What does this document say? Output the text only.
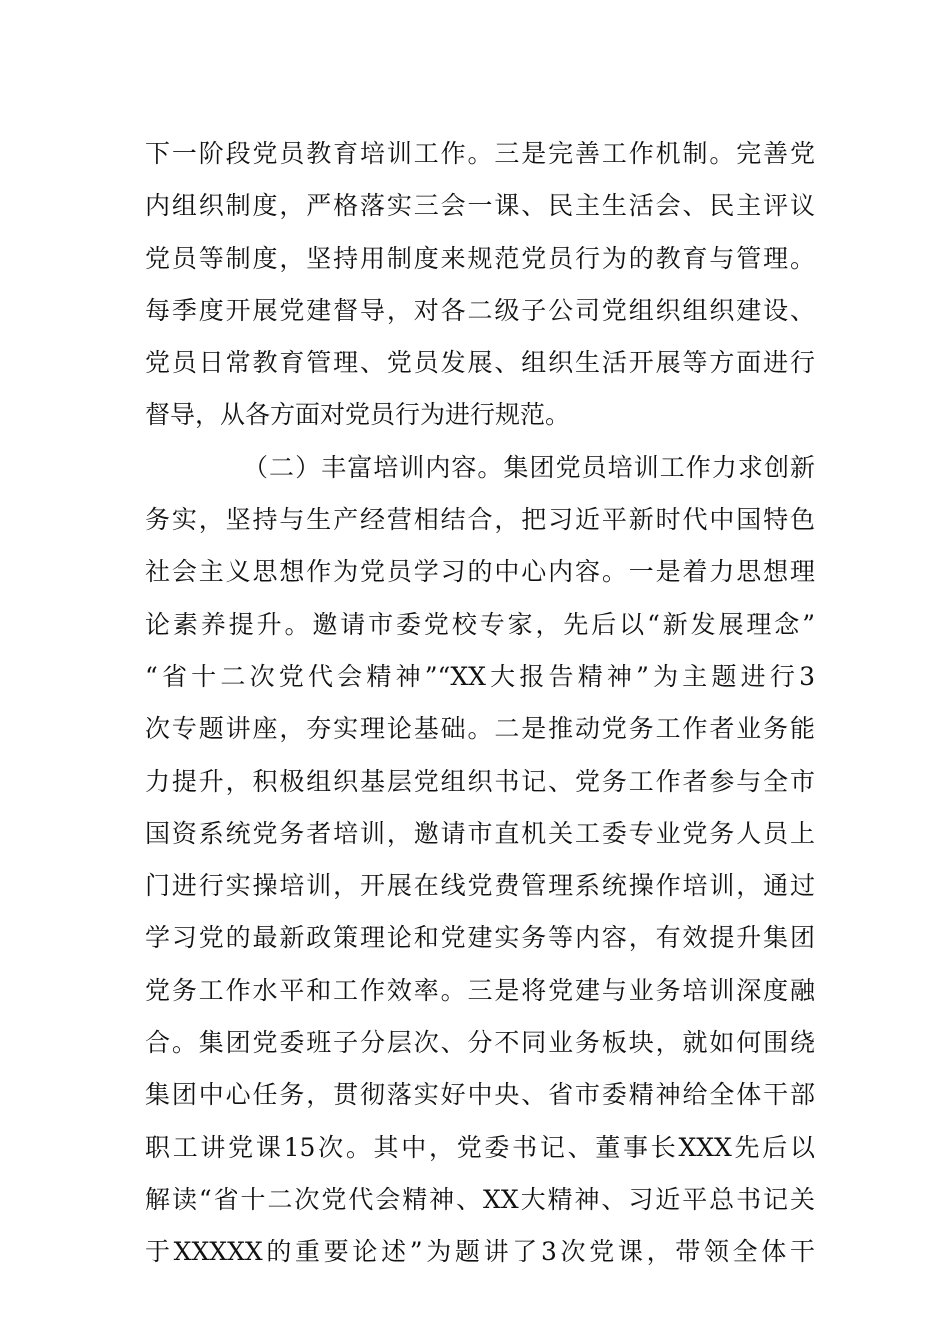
下一阶段党员教育培训工作。三是完善工作机制。完善党
内组织制度，严格落实三会一课、民主生活会、民主评议
党员等制度，坚持用制度来规范党员行为的教育与管理。
每季度开展党建督导，对各二级子公司党组织组织建设、
党员日常教育管理、党员发展、组织生活开展等方面进行
督导，从各方面对党员行为进行规范。
（二）丰富培训内容。集团党员培训工作力求创新
务实，坚持与生产经营相结合，把习近平新时代中国特色
社会主义思想作为党员学习的中心内容。一是着力思想理
论素养提升。邀请市委党校专家，先后以“新发展理念”
“省十二次党代会精神”“XX大报告精神”为主题进行3
次专题讲座，夯实理论基础。二是推动党务工作者业务能
力提升，积极组织基层党组织书记、党务工作者参与全市
国资系统党务者培训，邀请市直机关工委专业党务人员上
门进行实操培训，开展在线党费管理系统操作培训，通过
学习党的最新政策理论和党建实务等内容，有效提升集团
党务工作水平和工作效率。三是将党建与业务培训深度融
合。集团党委班子分层次、分不同业务板块，就如何围绕
集团中心任务，贯彻落实好中央、省市委精神给全体干部
职工讲党课15次。其中，党委书记、董事长XXX先后以
解读“省十二次党代会精神、XX大精神、习近平总书记关
于XXXXX的重要论述”为题讲了3次党课，带领全体干
